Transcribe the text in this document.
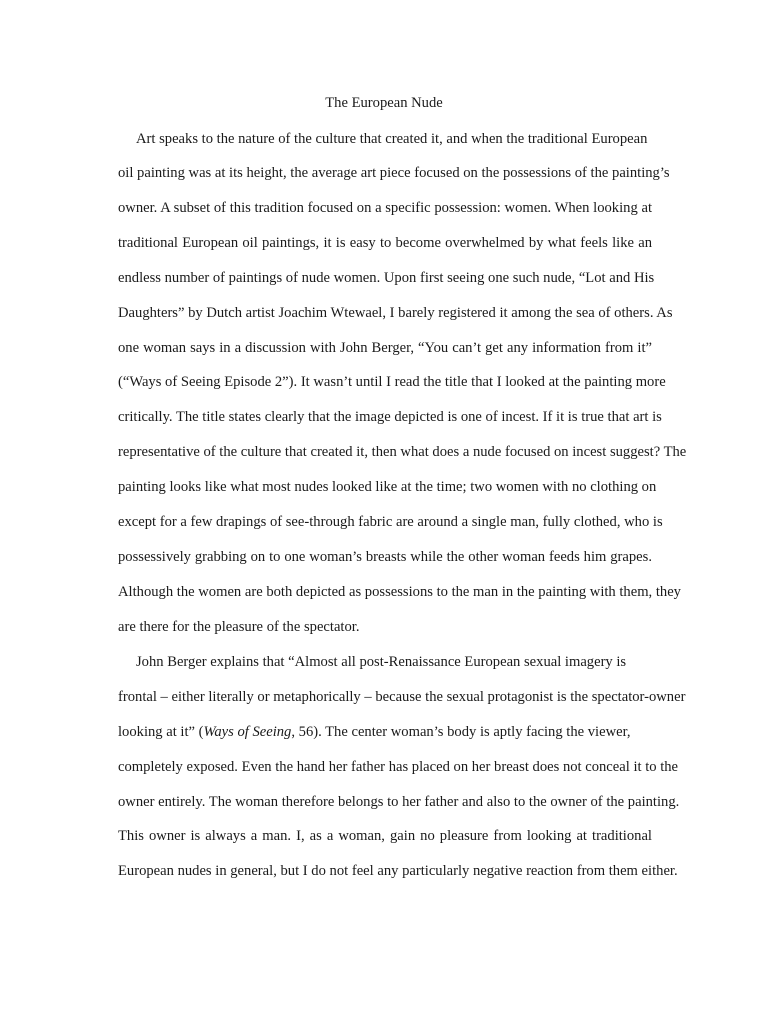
The European Nude
Art speaks to the nature of the culture that created it, and when the traditional European
oil painting was at its height, the average art piece focused on the possessions of the painting’s
owner. A subset of this tradition focused on a specific possession: women. When looking at
traditional European oil paintings, it is easy to become overwhelmed by what feels like an
endless number of paintings of nude women. Upon first seeing one such nude, “Lot and His
Daughters” by Dutch artist Joachim Wtewael, I barely registered it among the sea of others. As
one woman says in a discussion with John Berger, “You can’t get any information from it”
(“Ways of Seeing Episode 2”). It wasn’t until I read the title that I looked at the painting more
critically. The title states clearly that the image depicted is one of incest. If it is true that art is
representative of the culture that created it, then what does a nude focused on incest suggest? The
painting looks like what most nudes looked like at the time; two women with no clothing on
except for a few drapings of see-through fabric are around a single man, fully clothed, who is
possessively grabbing on to one woman’s breasts while the other woman feeds him grapes.
Although the women are both depicted as possessions to the man in the painting with them, they
are there for the pleasure of the spectator.
John Berger explains that “Almost all post-Renaissance European sexual imagery is
frontal – either literally or metaphorically – because the sexual protagonist is the spectator-owner
looking at it” (Ways of Seeing, 56). The center woman’s body is aptly facing the viewer,
completely exposed. Even the hand her father has placed on her breast does not conceal it to the
owner entirely. The woman therefore belongs to her father and also to the owner of the painting.
This owner is always a man. I, as a woman, gain no pleasure from looking at traditional
European nudes in general, but I do not feel any particularly negative reaction from them either.
